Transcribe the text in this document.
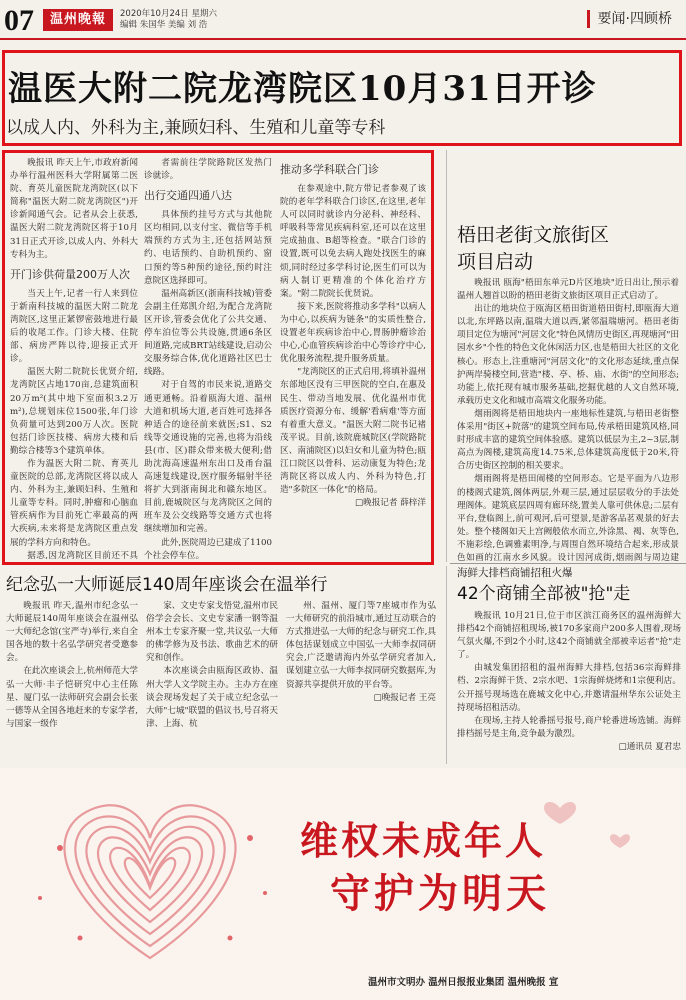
07	温州晚報	2020年10月24日 星期六
编辑 朱国华 美编 刘 浩	要闻·四顾桥
温医大附二院龙湾院区10月31日开诊
以成人内、外科为主,兼顾妇科、生殖和儿童等专科

晚报讯 昨天上午,市政府新闻办举行温州医科大学附属第二医院、育英儿童医院龙湾院区(以下简称"温医大附二院龙湾院区")开诊新闻通气会。记者从会上获悉,温医大附二院龙湾院区将于10月31日正式开诊,以成人内、外科大专科为主。

开门诊供荷量200万人次

当天上午,记者一行人来到位于新南科技城的温医大附二院龙湾院区,这里正紧锣密鼓地进行最后的收尾工作。门诊大楼、住院部、病房严阵以待,迎接正式开诊。

温医大附二院院长优贤介绍,龙湾院区占地170亩,总建筑面积20万m²(其中地下室面积3.2万m²),总规划床位1500张,年门诊负荷量可达到200万人次。医院包括门诊医技楼、病房大楼和后勤综合楼等3个建筑单体。

作为温医大附二院、育英儿童医院的总部,龙湾院区将以成人内、外科为主,兼顾妇科、生殖和儿童等专科。同时,肿瘤和心脑血管疾病作为目前死亡率最高的两大疾病,未来将是龙湾院区重点发展的学科方向和特色。

据悉,因龙湾院区目前还不具

者需前往学院路院区发热门诊就诊。

出行交通四通八达

具体预约挂号方式与其他院区均相同,以支付宝、微信等手机端预约方式为主,还包括网站预约、电话预约、自助机预约、窗口预约等5种预约途径,预约时注意院区选择即可。

温州高新区(浙南科技城)管委会副主任郑凯介绍,为配合龙湾院区开诊,管委会优化了公共交通、停车泊位等公共设施,贯通6条区间道路,完成BRT站线建设,启动公交服务综合体,优化道路社区巴士线路。

对于自驾的市民来说,道路交通更通畅。沿着瓯海大道、温州大道和机场大道,老百姓可选择各种适合的途径前来就医;S1、S2线等交通设施的完善,也将为沿线县(市、区)群众带来极大便利;借助沈海高速温州东出口及甬台温高速复线建设,医疗服务辐射半径将扩大到浙南闽北和赣东地区。目前,鹿城院区与龙湾院区之间的班车及公交线路等交通方式也将继续增加和完善。

此外,医院周边已建成了1100个社会停车位。

推动多学科联合门诊

在参观途中,院方带记者参观了该院的老年学科联合门诊区,在这里,老年人可以同时就诊内分泌科、神经科、呼吸科等常见疾病科室,还可以在这里完成抽血、B超等检查。"联合门诊的设置,既可以免去病人跑处找医生的麻烦,同时经过多学科讨论,医生们可以为病人制订更精准的个体化治疗方案。"附二院院长优贤说。

接下来,医院将推动多学科"以病人为中心,以疾病为链条"的实质性整合,设置老年疾病诊治中心,胃肠肿瘤诊治中心,心血管疾病诊治中心等诊疗中心,优化服务流程,提升服务质量。

"龙湾院区的正式启用,将填补温州东部地区没有三甲医院的空白,在惠及民生、带动当地发展、优化温州市优质医疗资源分布、缓解'看病难'等方面有着重大意义。"温医大附二院书记褚茂平说。目前,该院鹿城院区(学院路院区、南浦院区)以妇女和儿童为特色;瓯江口院区以骨科、运动康复为特色;龙湾院区将以成人内、外科为特色,打造"多院区一体化"的格局。

□晚报记者 薛梓洋

梧田老街文旅街区
项目启动

晚报讯 瓯海"梧田东单元D片区地块"近日出让,预示着温州人翘首以盼的梧田老街文旅街区项目正式启动了。

出让的地块位于瓯海区梧田街道梧田街村,即瓯海大道以北,东坪路以南,温瑞大道以西,紧邻温瑞塘河。梧田老街项目定位为塘河"河居文化"特色风情历史街区,再现塘河"田园水乡"个性的特色文化休闲活力区,也是梧田大社区的文化核心。形态上,注重塘河"河居文化"的文化形态延续,重点保护两岸骑楼空间,营造"楼、亭、桥、庙、水街"的空间形态;功能上,依托现有城市服务基础,挖掘优越的人文自然环境,承载历史文化和城市高端文化服务功能。

烟雨阁将是梧田地块内一座地标性建筑,与梧田老街整体采用"街区+院落"的建筑空间布局,传承梧田建筑风格,同时形成丰富的建筑空间体验感。建筑以低层为主,2~3层,制高点为阁楼,建筑高度14.75米,总体建筑高度低于20米,符合历史街区控制的相关要求。

烟雨阁将是梧田闹楼的空间形态。它是平面为八边形的楼阁式建筑,阁体两层,外观三层,通过层层收分的手法处理阁体。建筑底层四周有廊环绕,置美人靠可供休息;二层有平台,登临阁上,前可观河,后可望景,是游客品茗观景的好去处。整个楼阁如天上宫阙般依水而立,外涂黑、褐、灰等色,不施彩绘,色调雅素明净,与周围自然环境结合起来,形成景色如画的江南水乡风貌。设计因河成街,烟雨阁与周边建

纪念弘一大师诞辰140周年座谈会在温举行

晚报讯 昨天,温州市纪念弘一大师诞辰140周年座谈会在温州弘一大师纪念馆(宝严寺)举行,来自全国各地的数十名弘学研究者受邀参会。

在此次座谈会上,杭州师范大学弘一大师·丰子恺研究中心主任陈星、厦门弘一法师研究会副会长张一德等从全国各地赶来的专家学者,与国家一级作

家、文史专家戈悟觉,温州市民俗学会会长、文史专家潘一钢等温州本土专家齐聚一堂,共议弘一大师的佛学修为及书法、歌曲艺术的研究和创作。

本次座谈会由瓯海区政协、温州大学人文学院主办。主办方在座谈会现场发起了关于成立纪念弘一大师"七城"联盟的倡议书,号召将天津、上海、杭

州、温州、厦门等7座城市作为弘一大师研究的前沿城市,通过互动联合的方式推进弘一大师的纪念与研究工作,具体包括谋划成立中国弘一大师李叔同研究会,广泛邀请海内外弘学研究者加入,谋划建立弘一大师李叔同研究数据库,为资源共享提供开放的平台等。

□晚报记者 王亮

海鲜大排档商铺招租火爆
42个商铺全部被"抢"走

晚报讯 10月21日,位于市区滨江商务区的温州海鲜大排档42个商铺招租现场,被170多家商户200多人围着,现场气氛火爆,不到2个小时,这42个商铺就全部被幸运者"抢"走了。

由城发集团招租的温州海鲜大排档,包括36宗海鲜排档、2宗海鲜干货、2宗水吧、1宗海鲜烧烤和1宗便利店。公开摇号现场选在鹿城文化中心,并邀请温州华东公证处主持现场招租活动。

在现场,主持人轮番摇号报号,商户轮番进场选铺。海鲜排档摇号是主角,竞争最为激烈。

□通讯员 夏君忠

维权未成年人
守护为明天
温州市文明办 温州日报报业集团 温州晚报 宣
